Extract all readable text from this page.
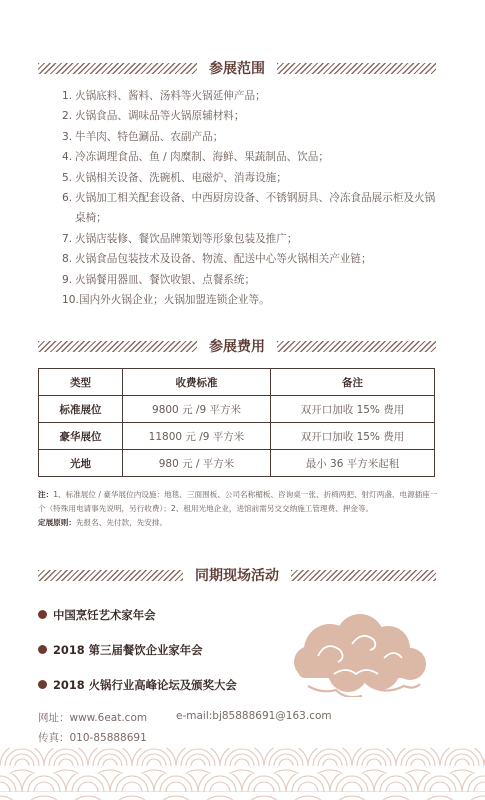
参展范围
1. 火锅底料、酱料、汤料等火锅延伸产品；
2. 火锅食品、调味品等火锅原辅材料；
3. 牛羊肉、特色涮品、农副产品；
4. 冷冻调理食品、鱼 / 肉糜制、海鲜、果蔬制品、饮品；
5. 火锅相关设备、洗碗机、电磁炉、消毒设施；
6. 火锅加工相关配套设备、中西厨房设备、不锈钢厨具、冷冻食品展示柜及火锅桌椅；
7. 火锅店装修、餐饮品牌策划等形象包装及推广；
8. 火锅食品包装技术及设备、物流、配送中心等火锅相关产业链；
9. 火锅餐用器皿、餐饮收银、点餐系统；
10. 国内外火锅企业；火锅加盟连锁企业等。
参展费用
类型	收费标准	备注
标准展位	9800 元 /9 平方米	双开口加收 15% 费用
豪华展位	11800 元 /9 平方米	双开口加收 15% 费用
光地	980 元 / 平方米	最小 36 平方米起租
注：1、标准展位 / 豪华展位内设施：地毯、三面围板、公司名称楣板、咨询桌一张、折椅两把、射灯两盏、电源插座一个（特殊用电请事先说明，另行收费）；2、租用光地企业，进馆前需另交交纳施工管理费、押金等。
定展原则：先报名、先付款，先安排。
同期现场活动
中国烹饪艺术家年会
2018 第三届餐饮企业家年会
2018 火锅行业高峰论坛及颁奖大会
网址：www.6eat.com	e-mail:bj85888691@163.com
传真：010-85888691
